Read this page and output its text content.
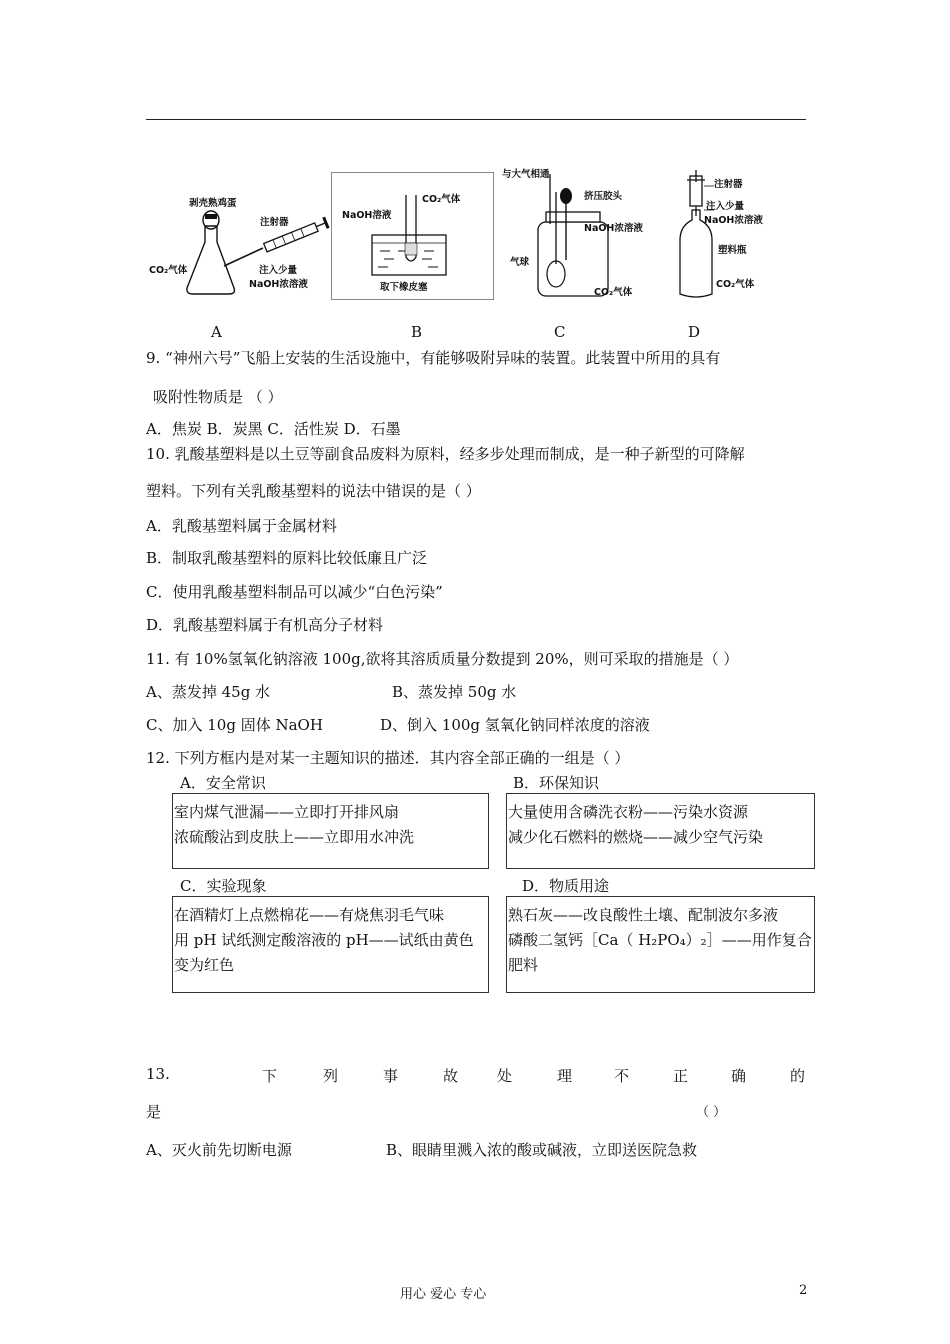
剥壳熟鸡蛋
注射器
CO₂气体	注入少量
NaOH浓溶液
NaOH溶液
CO₂气体
取下橡皮塞
与大气相通
挤压胶头
NaOH浓溶液
气球
CO₂气体
注射器
注入少量
NaOH浓溶液
塑料瓶
CO₂气体
A	B	C	D
9. “神州六号”飞船上安装的生活设施中，有能够吸附异味的装置。此装置中所用的具有
吸附性物质是 （ ）
A．焦炭 B．炭黑 C．活性炭 D．石墨
10. 乳酸基塑料是以土豆等副食品废料为原料，经多步处理而制成，是一种子新型的可降解
塑料。下列有关乳酸基塑料的说法中错误的是（ ）
A．乳酸基塑料属于金属材料
B．制取乳酸基塑料的原料比较低廉且广泛
C．使用乳酸基塑料制品可以减少“白色污染”
D．乳酸基塑料属于有机高分子材料
11. 有 10%氢氧化钠溶液 100g,欲将其溶质质量分数提到 20%，则可采取的措施是（ ）
A、蒸发掉 45g 水	B、蒸发掉 50g 水
C、加入 10g 固体 NaOH	D、倒入 100g 氢氧化钠同样浓度的溶液
12. 下列方框内是对某一主题知识的描述．其内容全部正确的一组是（ ）
A．安全常识
室内煤气泄漏——立即打开排风扇
浓硫酸沾到皮肤上——立即用水冲洗
B．环保知识
大量使用含磷洗衣粉——污染水资源
减少化石燃料的燃烧——减少空气污染
C．实验现象
在酒精灯上点燃棉花——有烧焦羽毛气味
用 pH 试纸测定酸溶液的 pH——试纸由黄色
变为红色
D．物质用途
熟石灰——改良酸性土壤、配制波尔多液
磷酸二氢钙［Ca（ H₂PO₄）₂］——用作复合
肥料
13.	下	列	事	故	处	理	不	正	确	的
是	（ ）
A、灭火前先切断电源	B、眼睛里溅入浓的酸或碱液，立即送医院急救
用心 爱心 专心	2
